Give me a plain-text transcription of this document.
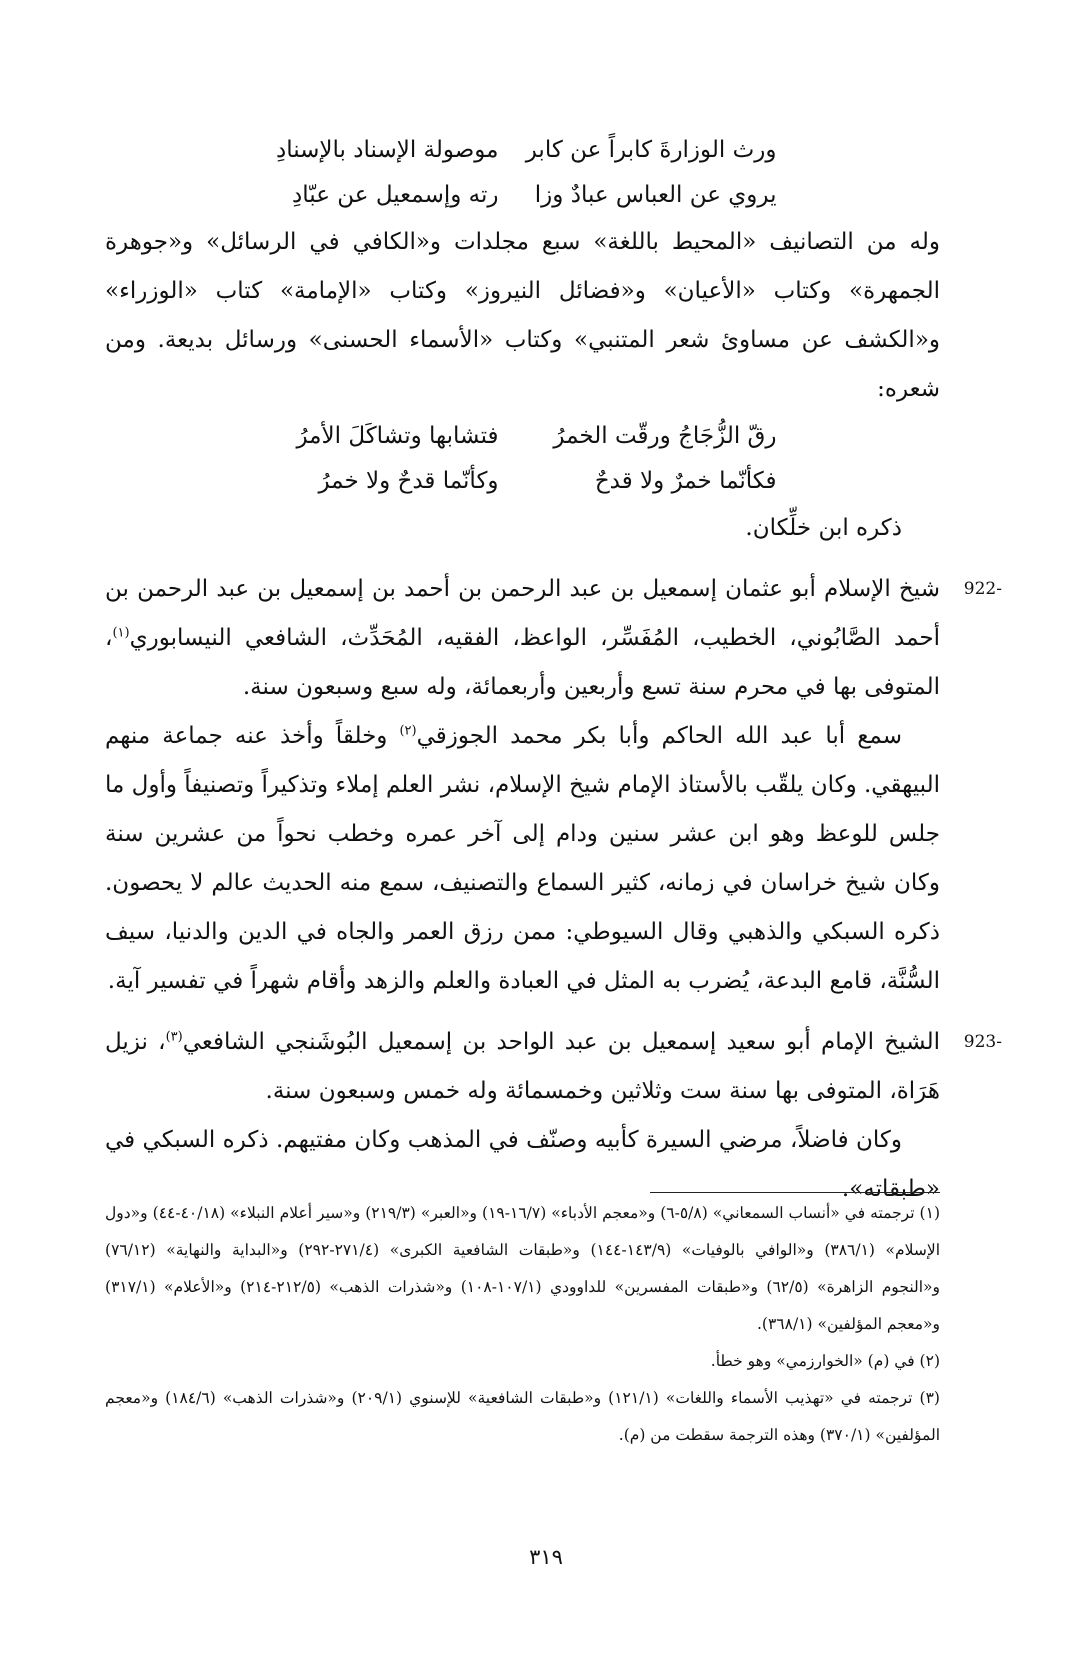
ورث الوزارةَ كابراً عن كابر
موصولة الإسناد بالإسنادِ
يروي عن العباس عبادٌ وزا
رته وإسمعيل عن عبّادِ

وله من التصانيف «المحيط باللغة» سبع مجلدات و«الكافي في الرسائل» و«جوهرة الجمهرة» وكتاب «الأعيان» و«فضائل النيروز» وكتاب «الإمامة» كتاب «الوزراء» و«الكشف عن مساوئ شعر المتنبي» وكتاب «الأسماء الحسنى» ورسائل بديعة. ومن شعره:

رقّ الزُّجَاجُ ورقّت الخمرُ
فتشابها وتشاكَلَ الأمرُ
فكأنّما خمرٌ ولا قدحٌ
وكأنّما قدحٌ ولا خمرُ

ذكره ابن خلِّكان.

922-

شيخ الإسلام أبو عثمان إسمعيل بن عبد الرحمن بن أحمد بن إسمعيل بن عبد الرحمن بن أحمد الصَّابُوني، الخطيب، المُفَسِّر، الواعظ، الفقيه، المُحَدِّث، الشافعي النيسابوري$^{(١)}$، المتوفى بها في محرم سنة تسع وأربعين وأربعمائة، وله سبع وسبعون سنة.

سمع أبا عبد الله الحاكم وأبا بكر محمد الجوزقي$^{(٢)}$ وخلقاً وأخذ عنه جماعة منهم البيهقي. وكان يلقّب بالأستاذ الإمام شيخ الإسلام، نشر العلم إملاء وتذكيراً وتصنيفاً وأول ما جلس للوعظ وهو ابن عشر سنين ودام إلى آخر عمره وخطب نحواً من عشرين سنة وكان شيخ خراسان في زمانه، كثير السماع والتصنيف، سمع منه الحديث عالم لا يحصون. ذكره السبكي والذهبي وقال السيوطي: ممن رزق العمر والجاه في الدين والدنيا، سيف السُّنَّة، قامع البدعة، يُضرب به المثل في العبادة والعلم والزهد وأقام شهراً في تفسير آية.

923-

الشيخ الإمام أبو سعيد إسمعيل بن عبد الواحد بن إسمعيل البُوشَنجي الشافعي$^{(٣)}$، نزيل هَرَاة، المتوفى بها سنة ست وثلاثين وخمسمائة وله خمس وسبعون سنة.

وكان فاضلاً، مرضي السيرة كأبيه وصنّف في المذهب وكان مفتيهم. ذكره السبكي في «طبقاته».

(١) ترجمته في «أنساب السمعاني» (٥/٨-٦) و«معجم الأدباء» (١٦/٧-١٩) و«العبر» (٢١٩/٣) و«سير أعلام النبلاء» (٤٠/١٨-٤٤) و«دول الإسلام» (٣٨٦/١) و«الوافي بالوفيات» (١٤٣/٩-١٤٤) و«طبقات الشافعية الكبرى» (٢٧١/٤-٢٩٢) و«البداية والنهاية» (٧٦/١٢) و«النجوم الزاهرة» (٦٢/٥) و«طبقات المفسرين» للداوودي (١٠٧/١-١٠٨) و«شذرات الذهب» (٢١٢/٥-٢١٤) و«الأعلام» (٣١٧/١) و«معجم المؤلفين» (٣٦٨/١).

(٢) في (م) «الخوارزمي» وهو خطأ.

(٣) ترجمته في «تهذيب الأسماء واللغات» (١٢١/١) و«طبقات الشافعية» للإسنوي (٢٠٩/١) و«شذرات الذهب» (١٨٤/٦) و«معجم المؤلفين» (٣٧٠/١) وهذه الترجمة سقطت من (م).

٣١٩
